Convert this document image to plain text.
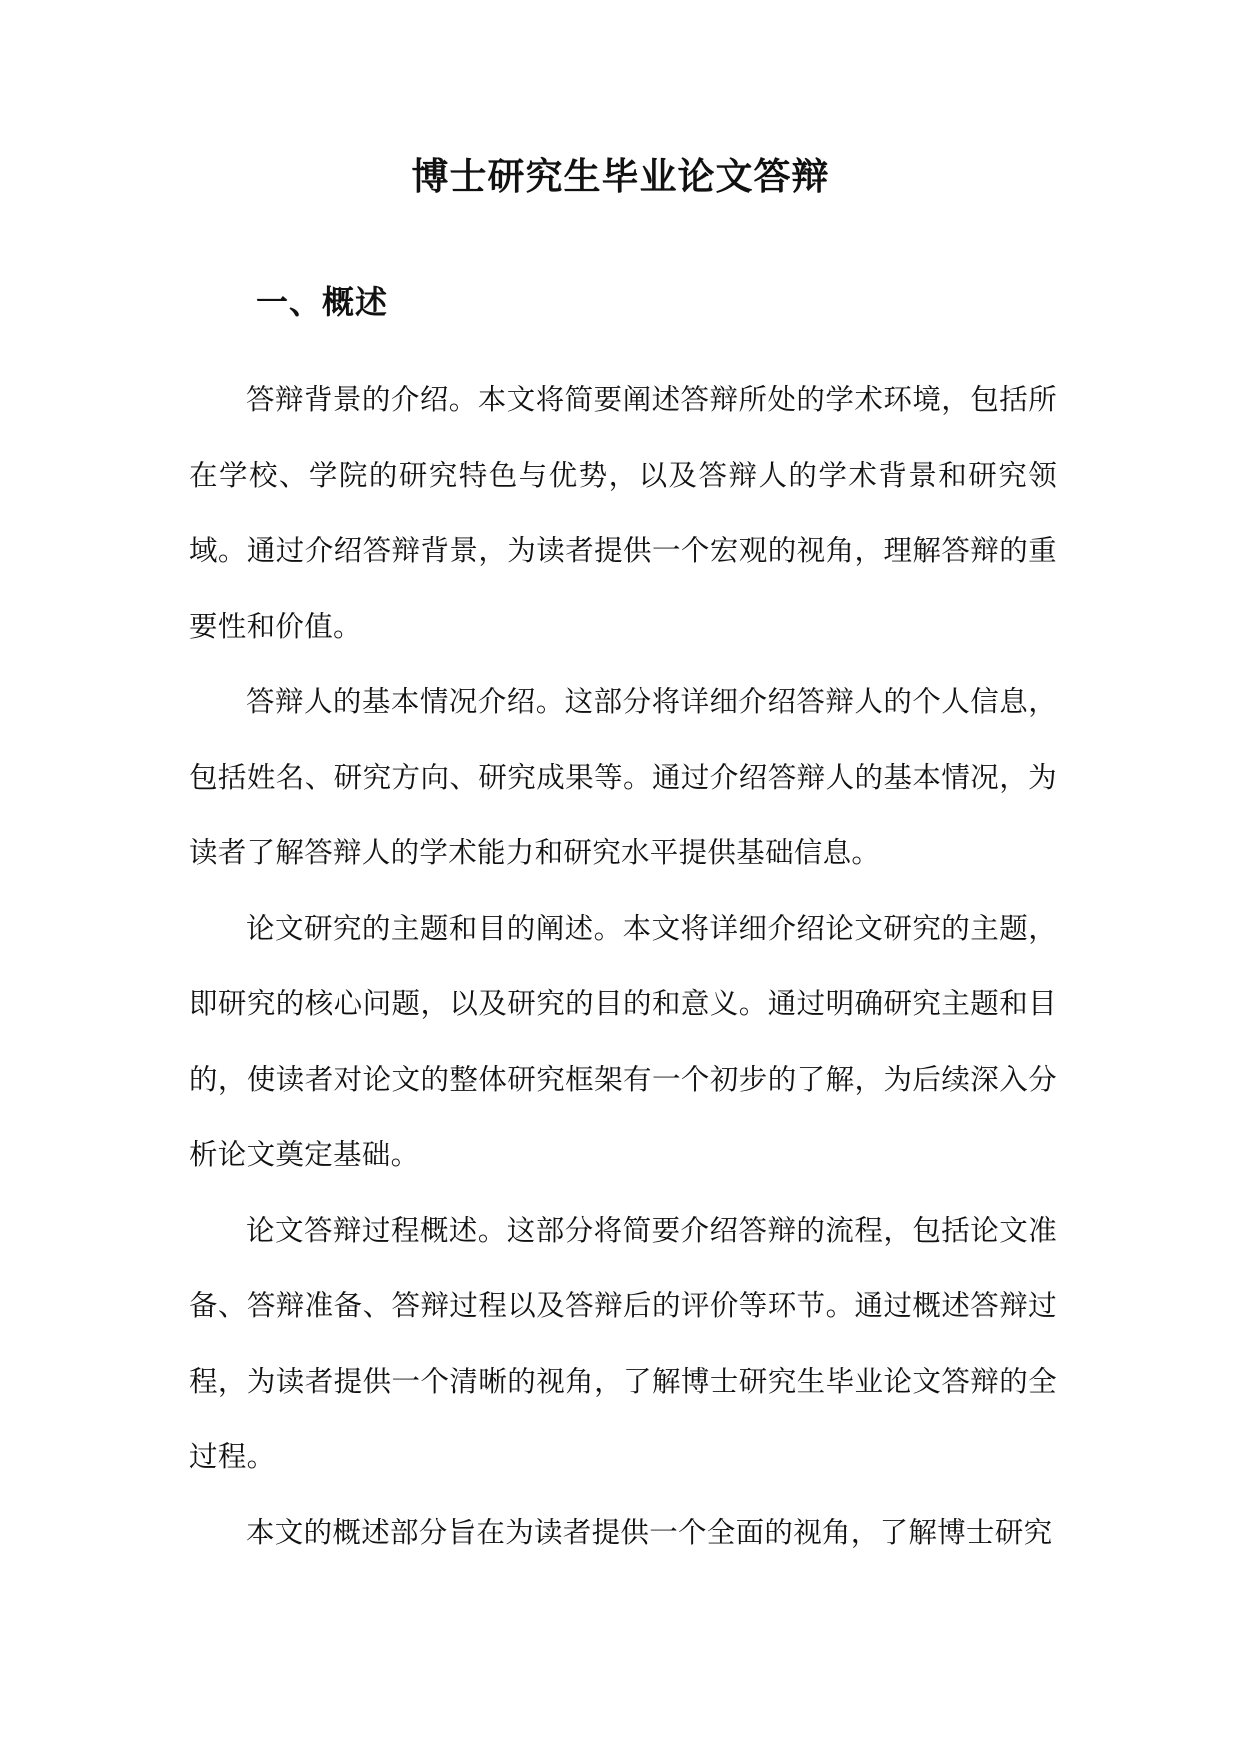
博士研究生毕业论文答辩
一、概述

答辩背景的介绍。本文将简要阐述答辩所处的学术环境，包括所在学校、学院的研究特色与优势，以及答辩人的学术背景和研究领域。通过介绍答辩背景，为读者提供一个宏观的视角，理解答辩的重要性和价值。

答辩人的基本情况介绍。这部分将详细介绍答辩人的个人信息，包括姓名、研究方向、研究成果等。通过介绍答辩人的基本情况，为读者了解答辩人的学术能力和研究水平提供基础信息。

论文研究的主题和目的阐述。本文将详细介绍论文研究的主题，即研究的核心问题，以及研究的目的和意义。通过明确研究主题和目的，使读者对论文的整体研究框架有一个初步的了解，为后续深入分析论文奠定基础。

论文答辩过程概述。这部分将简要介绍答辩的流程，包括论文准备、答辩准备、答辩过程以及答辩后的评价等环节。通过概述答辩过程，为读者提供一个清晰的视角，了解博士研究生毕业论文答辩的全过程。

本文的概述部分旨在为读者提供一个全面的视角，了解博士研究
